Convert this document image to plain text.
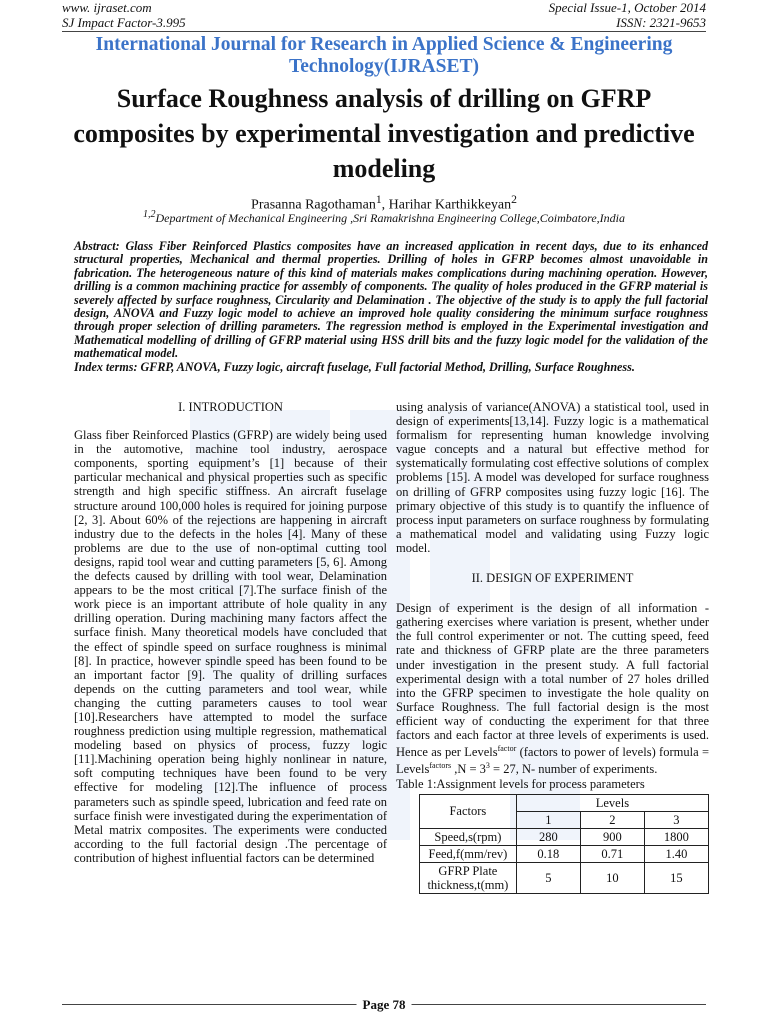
www. ijraset.com
SJ Impact Factor-3.995
Special Issue-1, October 2014
ISSN: 2321-9653
International Journal for Research in Applied Science & Engineering Technology(IJRASET)
Surface Roughness analysis of drilling on GFRP composites by experimental investigation and predictive modeling
Prasanna Ragothaman$^1$, Harihar Karthikkeyan$^2$
$^{1,2}$Department of Mechanical Engineering ,Sri Ramakrishna Engineering College,Coimbatore,India

Abstract: Glass Fiber Reinforced Plastics composites have an increased application in recent days, due to its enhanced structural properties, Mechanical and thermal properties. Drilling of holes in GFRP becomes almost unavoidable in fabrication. The heterogeneous nature of this kind of materials makes complications during machining operation. However, drilling is a common machining practice for assembly of components. The quality of holes produced in the GFRP material is severely affected by surface roughness, Circularity and Delamination . The objective of the study is to apply the full factorial design, ANOVA and Fuzzy logic model to achieve an improved hole quality considering the minimum surface roughness through proper selection of drilling parameters. The regression method is employed in the Experimental investigation and Mathematical modelling of drilling of GFRP material using HSS drill bits and the fuzzy logic model for the validation of the mathematical model.

Index terms: GFRP, ANOVA, Fuzzy logic, aircraft fuselage, Full factorial Method, Drilling, Surface Roughness.

I. INTRODUCTION

Glass fiber Reinforced Plastics (GFRP) are widely being used in the automotive, machine tool industry, aerospace components, sporting equipment’s [1] because of their particular mechanical and physical properties such as specific strength and high specific stiffness. An aircraft fuselage structure around 100,000 holes is required for joining purpose [2, 3]. About 60% of the rejections are happening in aircraft industry due to the defects in the holes [4]. Many of these problems are due to the use of non-optimal cutting tool designs, rapid tool wear and cutting parameters [5, 6]. Among the defects caused by drilling with tool wear, Delamination appears to be the most critical [7].The surface finish of the work piece is an important attribute of hole quality in any drilling operation. During machining many factors affect the surface finish. Many theoretical models have concluded that the effect of spindle speed on surface roughness is minimal [8]. In practice, however spindle speed has been found to be an important factor [9]. The quality of drilling surfaces depends on the cutting parameters and tool wear, while changing the cutting parameters causes to tool wear [10].Researchers have attempted to model the surface roughness prediction using multiple regression, mathematical modeling based on physics of process, fuzzy logic [11].Machining operation being highly nonlinear in nature, soft computing techniques have been found to be very effective for modeling [12].The influence of process parameters such as spindle speed, lubrication and feed rate on surface finish were investigated during the experimentation of Metal matrix composites. The experiments were conducted according to the full factorial design .The percentage of contribution of highest influential factors can be determined

using analysis of variance(ANOVA) a statistical tool, used in design of experiments[13,14]. Fuzzy logic is a mathematical formalism for representing human knowledge involving vague concepts and a natural but effective method for systematically formulating cost effective solutions of complex problems [15]. A model was developed for surface roughness on drilling of GFRP composites using fuzzy logic [16]. The primary objective of this study is to quantify the influence of process input parameters on surface roughness by formulating a mathematical model and validating using Fuzzy logic model.

II. DESIGN OF EXPERIMENT

Design of experiment is the design of all information - gathering exercises where variation is present, whether under the full control experimenter or not. The cutting speed, feed rate and thickness of GFRP plate are the three parameters under investigation in the present study. A full factorial experimental design with a total number of 27 holes drilled into the GFRP specimen to investigate the hole quality on Surface Roughness. The full factorial design is the most efficient way of conducting the experiment for that three factors and each factor at three levels of experiments is used. Hence as per Levels$^{factor}$ (factors to power of levels) formula = Levels$^{factors}$ $,N = 3^3 = 27$, N- number of experiments.

Table 1:Assignment levels for process parameters

Factors	Levels		
	1	2	3
Speed,s(rpm)	280	900	1800
Feed,f(mm/rev)	0.18	0.71	1.40
GFRP Plate thickness,t(mm)	5	10	15
Page 78
